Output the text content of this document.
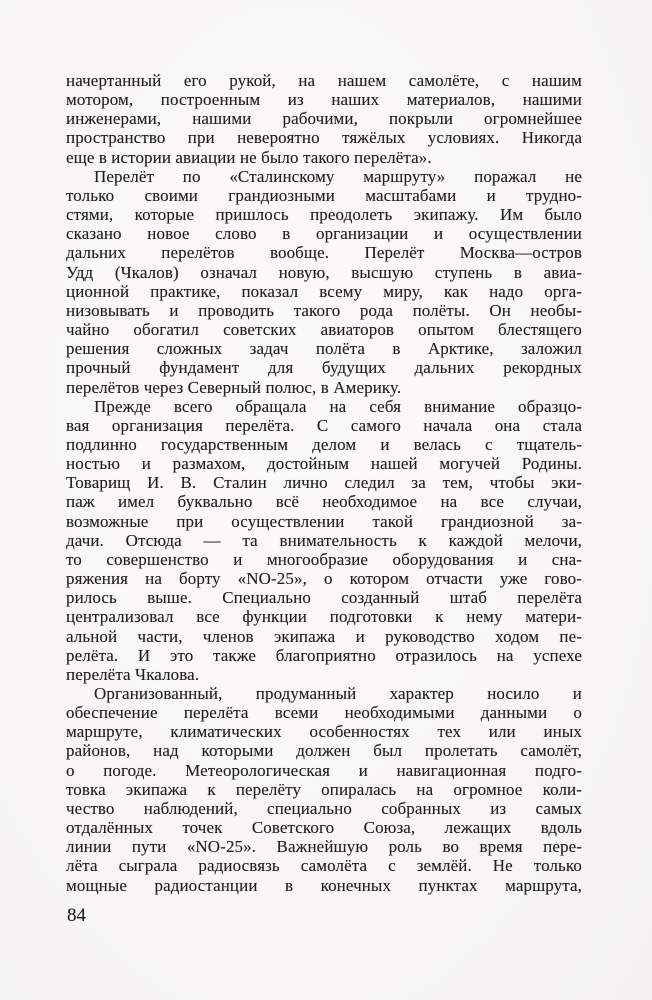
начертанный его рукой, на нашем самолёте, с нашим
мотором, построенным из наших материалов, нашими
инженерами, нашими рабочими, покрыли огромнейшее
пространство при невероятно тяжёлых условиях. Никогда
еще в истории авиации не было такого перелёта».
Перелёт по «Сталинскому маршруту» поражал не
только своими грандиозными масштабами и трудно-
стями, которые пришлось преодолеть экипажу. Им было
сказано новое слово в организации и осуществлении
дальних перелётов вообще. Перелёт Москва—остров
Удд (Чкалов) означал новую, высшую ступень в авиа-
ционной практике, показал всему миру, как надо орга-
низовывать и проводить такого рода полёты. Он необы-
чайно обогатил советских авиаторов опытом блестящего
решения сложных задач полёта в Арктике, заложил
прочный фундамент для будущих дальних рекордных
перелётов через Северный полюс, в Америку.
Прежде всего обращала на себя внимание образцо-
вая организация перелёта. С самого начала она стала
подлинно государственным делом и велась с тщатель-
ностью и размахом, достойным нашей могучей Родины.
Товарищ И. В. Сталин лично следил за тем, чтобы эки-
паж имел буквально всё необходимое на все случаи,
возможные при осуществлении такой грандиозной за-
дачи. Отсюда — та внимательность к каждой мелочи,
то совершенство и многообразие оборудования и сна-
ряжения на борту «NO-25», о котором отчасти уже гово-
рилось выше. Специально созданный штаб перелёта
централизовал все функции подготовки к нему матери-
альной части, членов экипажа и руководство ходом пе-
релёта. И это также благоприятно отразилось на успехе
перелёта Чкалова.
Организованный, продуманный характер носило и
обеспечение перелёта всеми необходимыми данными о
маршруте, климатических особенностях тех или иных
районов, над которыми должен был пролетать самолёт,
о погоде. Метеорологическая и навигационная подго-
товка экипажа к перелёту опиралась на огромное коли-
чество наблюдений, специально собранных из самых
отдалённых точек Советского Союза, лежащих вдоль
линии пути «NO-25». Важнейшую роль во время пере-
лёта сыграла радиосвязь самолёта с землёй. Не только
мощные радиостанции в конечных пунктах маршрута,
84
